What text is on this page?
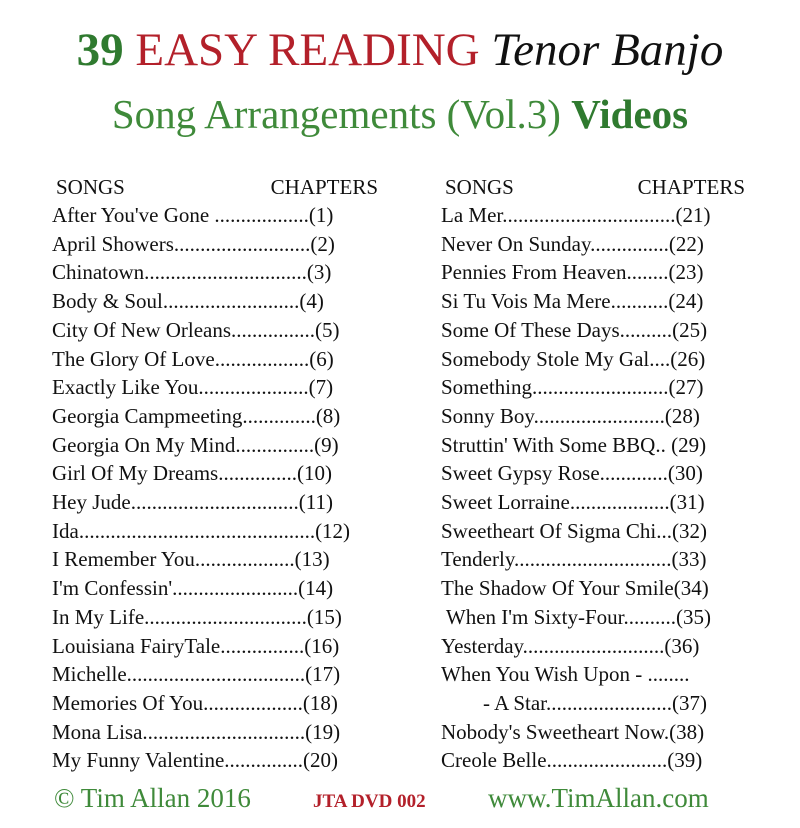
39 EASY READING Tenor Banjo
Song Arrangements (Vol.3) Videos
SONGS	CHAPTERS
After You've Gone ..................(1)
April Showers..........................(2)
Chinatown...............................(3)
Body & Soul..........................(4)
City Of New Orleans................(5)
The Glory Of Love..................(6)
Exactly Like You.....................(7)
Georgia Campmeeting..............(8)
Georgia On My Mind...............(9)
Girl Of My Dreams...............(10)
Hey Jude................................(11)
Ida.............................................(12)
I Remember You...................(13)
I'm Confessin'........................(14)
In My Life...............................(15)
Louisiana FairyTale................(16)
Michelle..................................(17)
Memories Of You...................(18)
Mona Lisa...............................(19)
My Funny Valentine...............(20)
SONGS	CHAPTERS
La Mer.................................(21)
Never On Sunday...............(22)
Pennies From Heaven........(23)
Si Tu Vois Ma Mere...........(24)
Some Of These Days..........(25)
Somebody Stole My Gal....(26)
Something..........................(27)
Sonny Boy.........................(28)
Struttin' With Some BBQ.. (29)
Sweet Gypsy Rose.............(30)
Sweet Lorraine...................(31)
Sweetheart Of Sigma Chi...(32)
Tenderly..............................(33)
The Shadow Of Your Smile(34)
When I'm Sixty-Four..........(35)
Yesterday...........................(36)
When You Wish Upon - ........
- A Star........................(37)
Nobody's Sweetheart Now.(38)
Creole Belle.......................(39)
© Tim Allan 2016	JTA DVD 002 www.TimAllan.com
